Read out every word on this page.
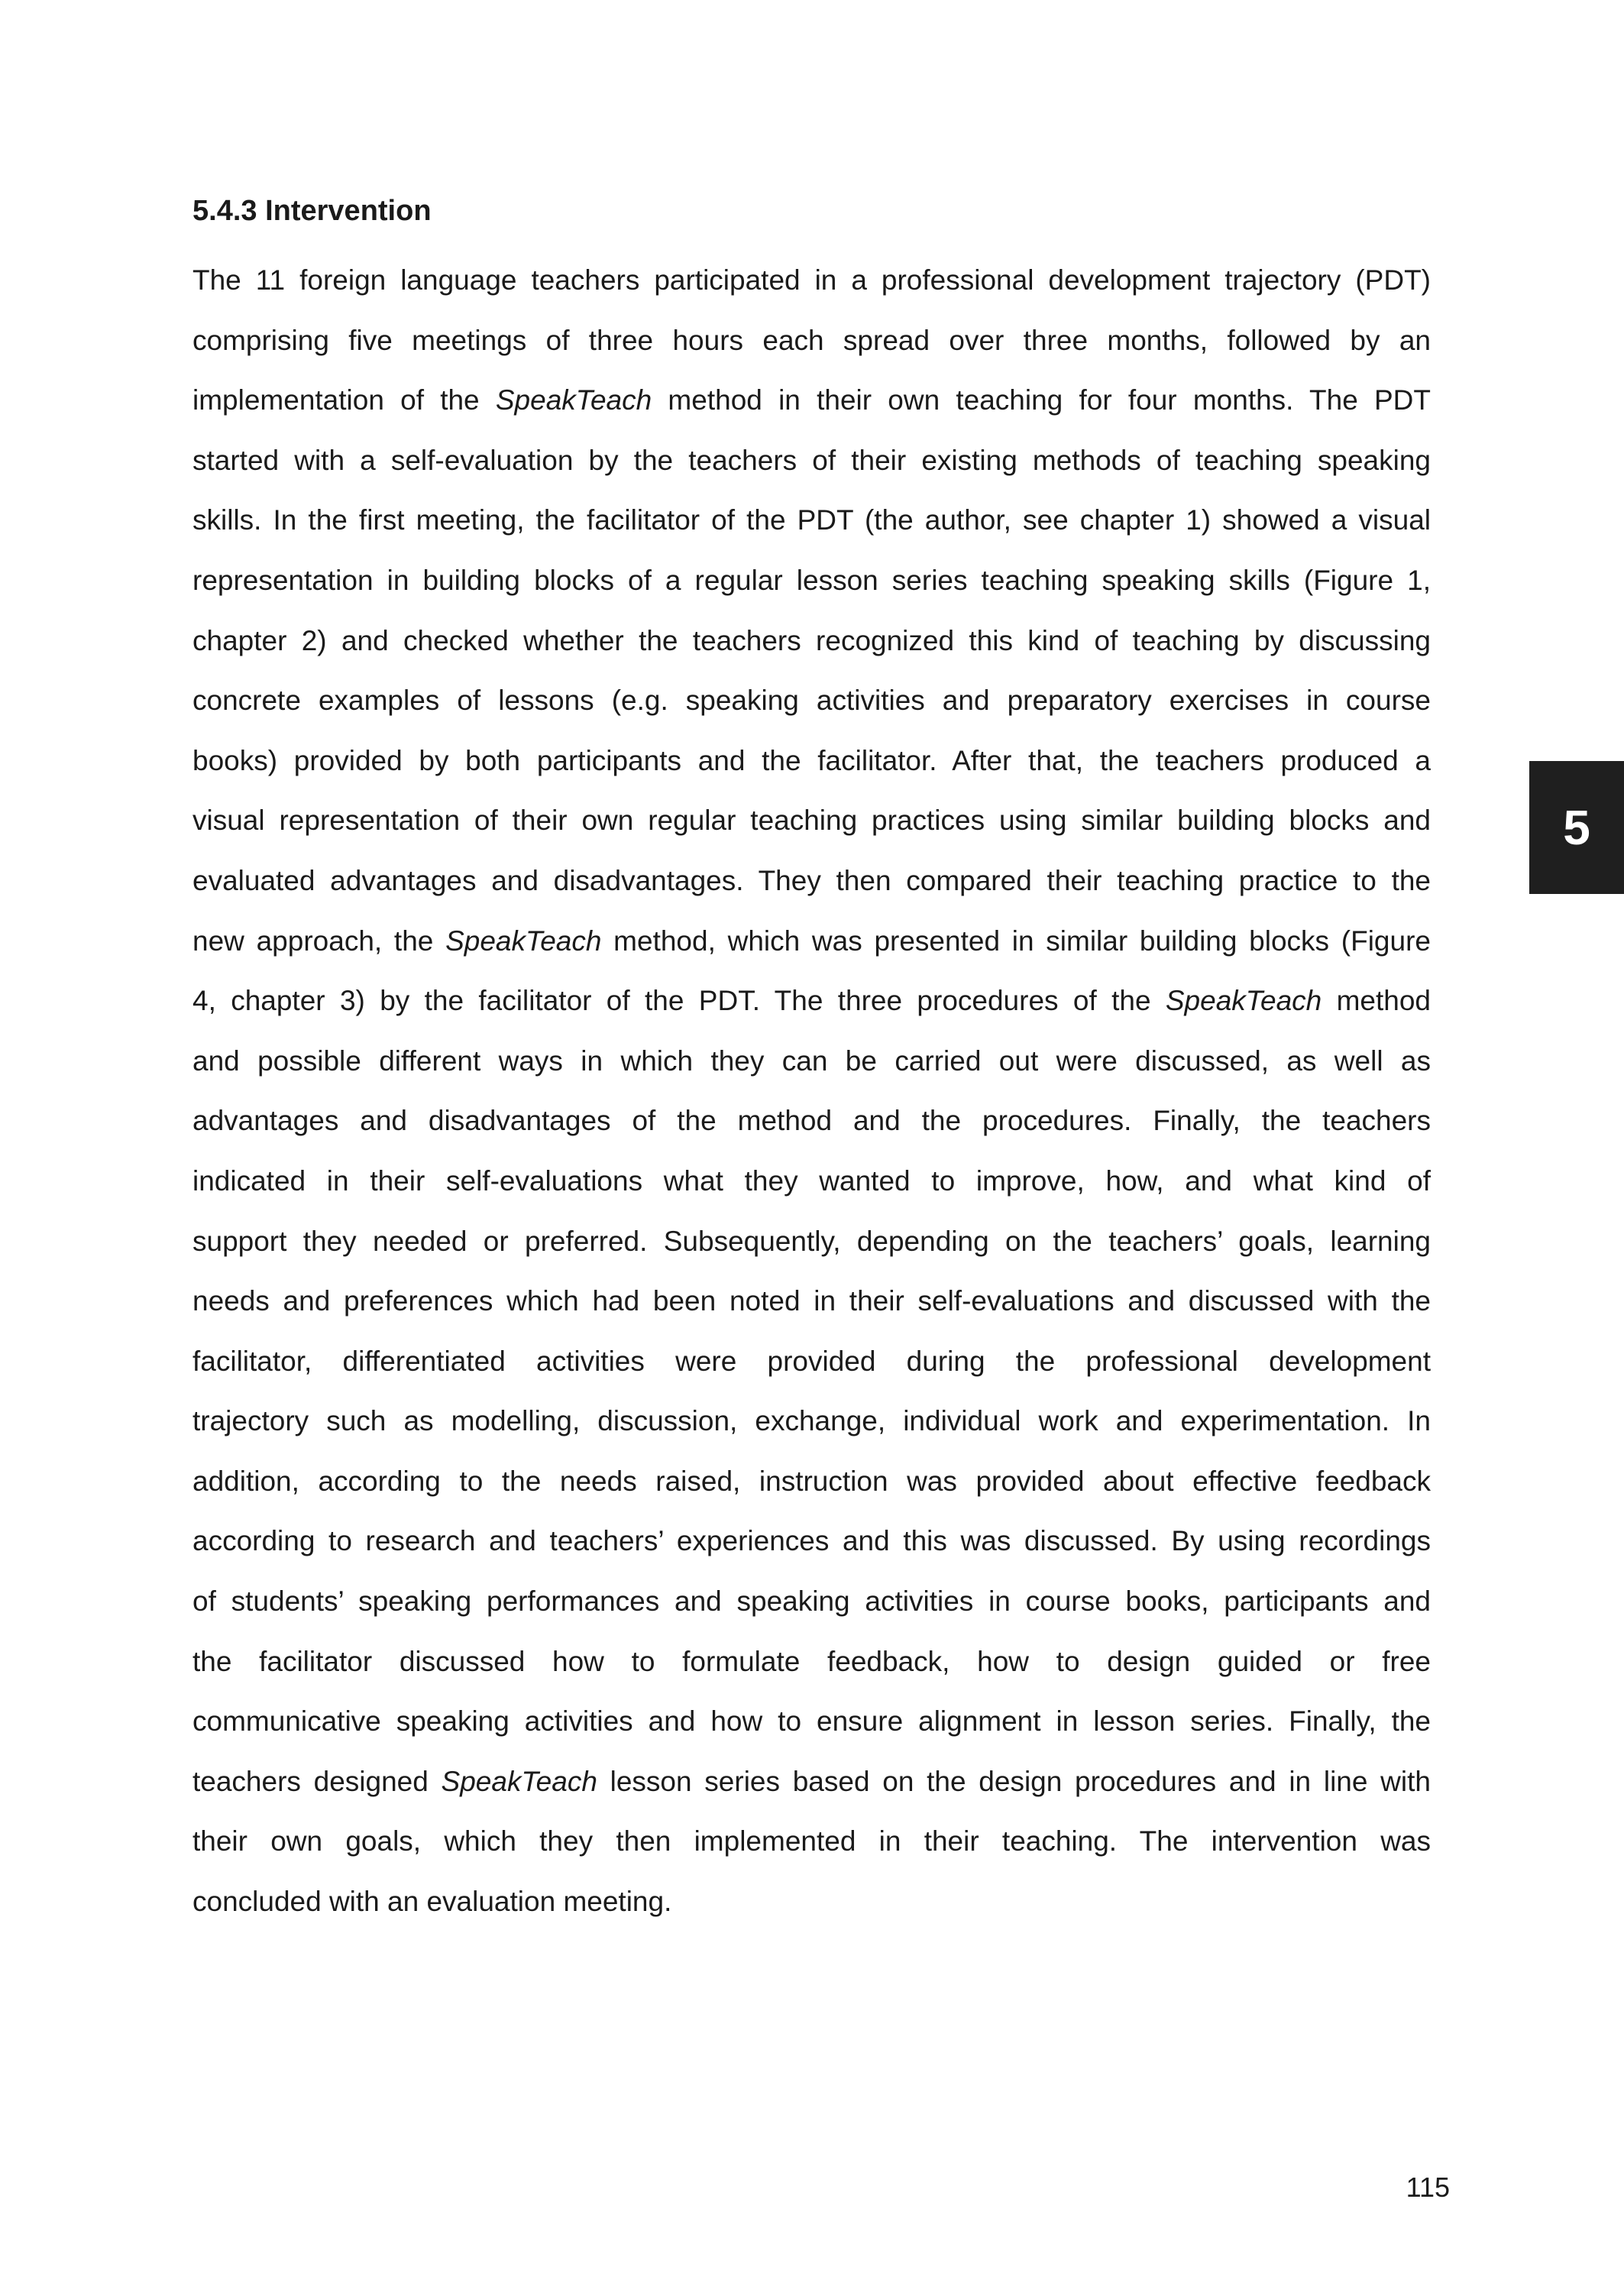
5.4.3 Intervention
The 11 foreign language teachers participated in a professional development trajectory (PDT)
comprising five meetings of three hours each spread over three months, followed by an
implementation of the SpeakTeach method in their own teaching for four months. The PDT
started with a self-evaluation by the teachers of their existing methods of teaching speaking
skills. In the first meeting, the facilitator of the PDT (the author, see chapter 1) showed a visual
representation in building blocks of a regular lesson series teaching speaking skills (Figure 1,
chapter 2) and checked whether the teachers recognized this kind of teaching by discussing
concrete examples of lessons (e.g. speaking activities and preparatory exercises in course
books) provided by both participants and the facilitator. After that, the teachers produced a
visual representation of their own regular teaching practices using similar building blocks and
evaluated advantages and disadvantages. They then compared their teaching practice to the
new approach, the SpeakTeach method, which was presented in similar building blocks (Figure
4, chapter 3) by the facilitator of the PDT. The three procedures of the SpeakTeach method
and possible different ways in which they can be carried out were discussed, as well as
advantages and disadvantages of the method and the procedures. Finally, the teachers
indicated in their self-evaluations what they wanted to improve, how, and what kind of
support they needed or preferred. Subsequently, depending on the teachers’ goals, learning
needs and preferences which had been noted in their self-evaluations and discussed with the
facilitator, differentiated activities were provided during the professional development
trajectory such as modelling, discussion, exchange, individual work and experimentation. In
addition, according to the needs raised, instruction was provided about effective feedback
according to research and teachers’ experiences and this was discussed. By using recordings
of students’ speaking performances and speaking activities in course books, participants and
the facilitator discussed how to formulate feedback, how to design guided or free
communicative speaking activities and how to ensure alignment in lesson series. Finally, the
teachers designed SpeakTeach lesson series based on the design procedures and in line with
their own goals, which they then implemented in their teaching. The intervention was
concluded with an evaluation meeting.
5
115
